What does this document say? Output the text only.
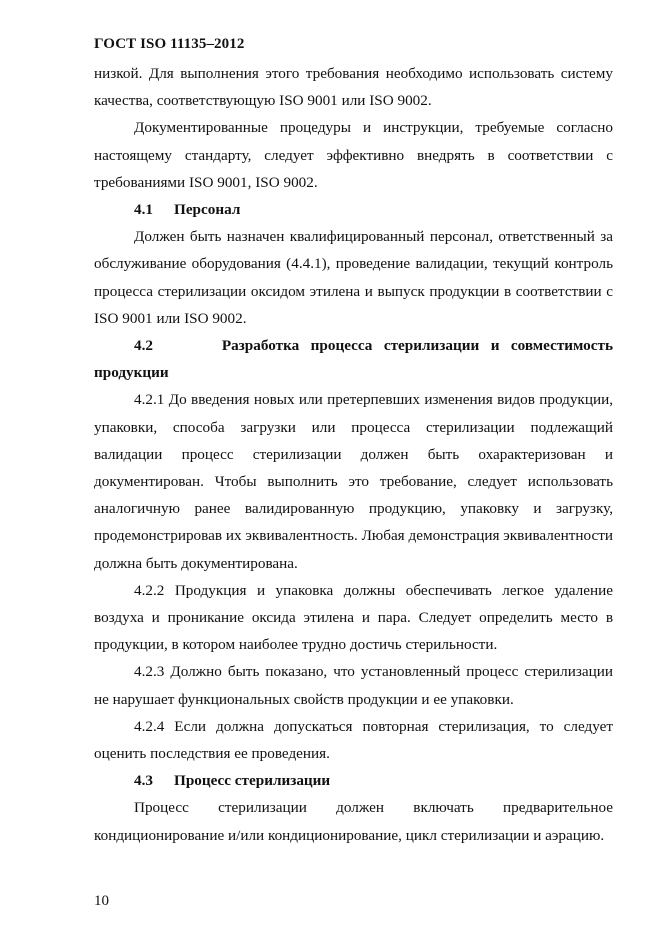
ГОСТ ISO 11135–2012

низкой. Для выполнения этого требования необходимо использовать систему качества, соответствующую ISO 9001 или ISO 9002.

Документированные процедуры и инструкции, требуемые согласно настоящему стандарту, следует эффективно внедрять в соответствии с требованиями ISO 9001, ISO 9002.

4.1 Персонал

Должен быть назначен квалифицированный персонал, ответственный за обслуживание оборудования (4.4.1), проведение валидации, текущий контроль процесса стерилизации оксидом этилена и выпуск продукции в соответствии с ISO 9001 или ISO 9002.

4.2	Разработка процесса стерилизации и совместимость продукции

4.2.1 До введения новых или претерпевших изменения видов продукции, упаковки, способа загрузки или процесса стерилизации подлежащий валидации процесс стерилизации должен быть охарактеризован и документирован. Чтобы выполнить это требование, следует использовать аналогичную ранее валидированную продукцию, упаковку и загрузку, продемонстрировав их эквивалентность. Любая демонстрация эквивалентности должна быть документирована.

4.2.2 Продукция и упаковка должны обеспечивать легкое удаление воздуха и проникание оксида этилена и пара. Следует определить место в продукции, в котором наиболее трудно достичь стерильности.

4.2.3 Должно быть показано, что установленный процесс стерилизации не нарушает функциональных свойств продукции и ее упаковки.

4.2.4 Если должна допускаться повторная стерилизация, то следует оценить последствия ее проведения.

4.3 Процесс стерилизации

Процесс стерилизации должен включать предварительное кондиционирование и/или кондиционирование, цикл стерилизации и аэрацию.

10
